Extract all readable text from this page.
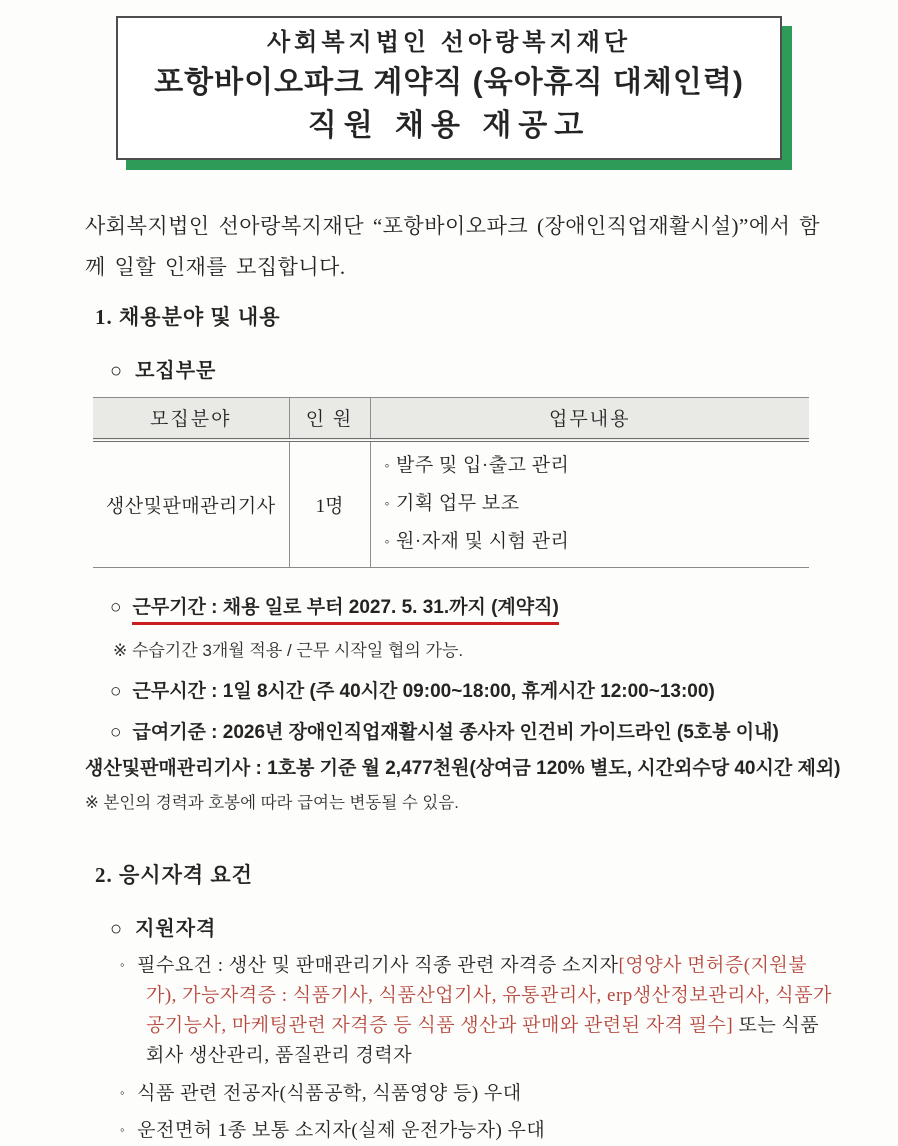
사회복지법인 선아랑복지재단
포항바이오파크 계약직 (육아휴직 대체인력)
직원 채용 재공고

사회복지법인 선아랑복지재단 “포항바이오파크 (장애인직업재활시설)”에서 함께 일할 인재를 모집합니다.

1. 채용분야 및 내용
○ 모집부문
모집분야	인 원	업무내용
생산및판매관리기사	1명	◦ 발주 및 입·출고 관리
◦ 기획 업무 보조
◦ 원·자재 및 시험 관리
○ 근무기간 : 채용 일로 부터 2027. 5. 31.까지 (계약직)
※ 수습기간 3개월 적용 / 근무 시작일 협의 가능.
○ 근무시간 : 1일 8시간 (주 40시간 09:00~18:00, 휴게시간 12:00~13:00)
○ 급여기준 : 2026년 장애인직업재활시설 종사자 인건비 가이드라인 (5호봉 이내)
생산및판매관리기사 : 1호봉 기준 월 2,477천원(상여금 120% 별도, 시간외수당 40시간 제외)
※ 본인의 경력과 호봉에 따라 급여는 변동될 수 있음.
2. 응시자격 요건
○ 지원자격
◦ 필수요건 : 생산 및 판매관리기사 직종 관련 자격증 소지자[영양사 면허증(지원불가), 가능자격증 : 식품기사, 식품산업기사, 유통관리사, erp생산정보관리사, 식품가공기능사, 마케팅관련 자격증 등 식품 생산과 판매와 관련된 자격 필수] 또는 식품회사 생산관리, 품질관리 경력자
◦ 식품 관련 전공자(식품공학, 식품영양 등) 우대
◦ 운전면허 1종 보통 소지자(실제 운전가능자) 우대
